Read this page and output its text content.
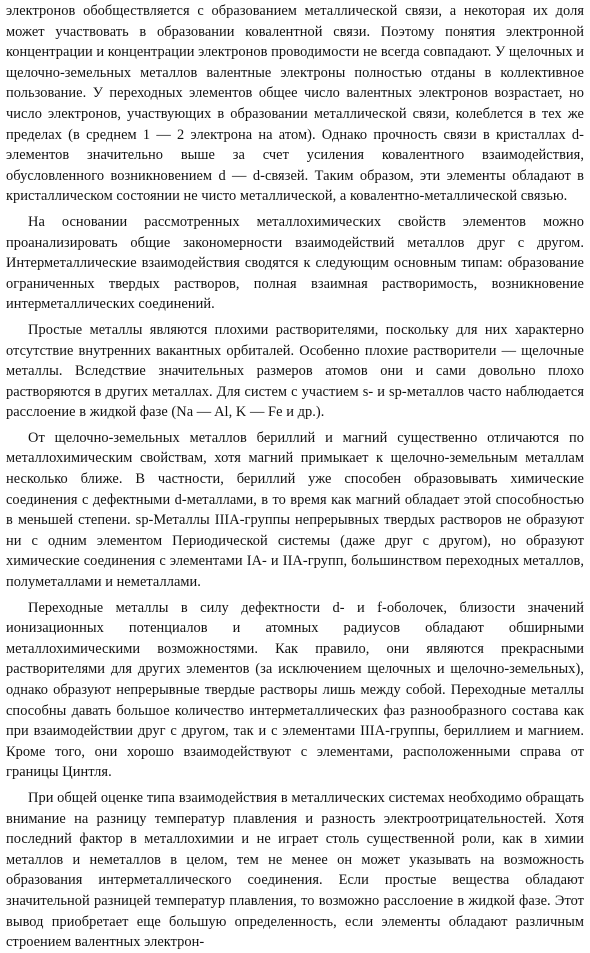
электронов обобществляется с образованием металлической связи, а некоторая их доля может участвовать в образовании ковалентной связи. Поэтому понятия электронной концентрации и концентрации электронов проводимости не всегда совпадают. У щелочных и щелочно-земельных металлов валентные электроны полностью отданы в коллективное пользование. У переходных элементов общее число валентных электронов возрастает, но число электронов, участвующих в образовании металлической связи, колеблется в тех же пределах (в среднем 1 — 2 электрона на атом). Однако прочность связи в кристаллах d-элементов значительно выше за счет усиления ковалентного взаимодействия, обусловленного возникновением d — d-связей. Таким образом, эти элементы обладают в кристаллическом состоянии не чисто металлической, а ковалентно-металлической связью.

На основании рассмотренных металлохимических свойств элементов можно проанализировать общие закономерности взаимодействий металлов друг с другом. Интерметаллические взаимодействия сводятся к следующим основным типам: образование ограниченных твердых растворов, полная взаимная растворимость, возникновение интерметаллических соединений.

Простые металлы являются плохими растворителями, поскольку для них характерно отсутствие внутренних вакантных орбиталей. Особенно плохие растворители — щелочные металлы. Вследствие значительных размеров атомов они и сами довольно плохо растворяются в других металлах. Для систем с участием s- и sp-металлов часто наблюдается расслоение в жидкой фазе (Na — Al, K — Fe и др.).

От щелочно-земельных металлов бериллий и магний существенно отличаются по металлохимическим свойствам, хотя магний примыкает к щелочно-земельным металлам несколько ближе. В частности, бериллий уже способен образовывать химические соединения с дефектными d-металлами, в то время как магний обладает этой способностью в меньшей степени. sp-Металлы IIIA-группы непрерывных твердых растворов не образуют ни с одним элементом Периодической системы (даже друг с другом), но образуют химические соединения с элементами IA- и IIA-групп, большинством переходных металлов, полуметаллами и неметаллами.

Переходные металлы в силу дефектности d- и f-оболочек, близости значений ионизационных потенциалов и атомных радиусов обладают обширными металлохимическими возможностями. Как правило, они являются прекрасными растворителями для других элементов (за исключением щелочных и щелочно-земельных), однако образуют непрерывные твердые растворы лишь между собой. Переходные металлы способны давать большое количество интерметаллических фаз разнообразного состава как при взаимодействии друг с другом, так и с элементами IIIA-группы, бериллием и магнием. Кроме того, они хорошо взаимодействуют с элементами, расположенными справа от границы Цинтля.

При общей оценке типа взаимодействия в металлических системах необходимо обращать внимание на разницу температур плавления и разность электроотрицательностей. Хотя последний фактор в металлохимии и не играет столь существенной роли, как в химии металлов и неметаллов в целом, тем не менее он может указывать на возможность образования интерметаллического соединения. Если простые вещества обладают значительной разницей температур плавления, то возможно расслоение в жидкой фазе. Этот вывод приобретает еще большую определенность, если элементы обладают различным строением валентных электрон-
